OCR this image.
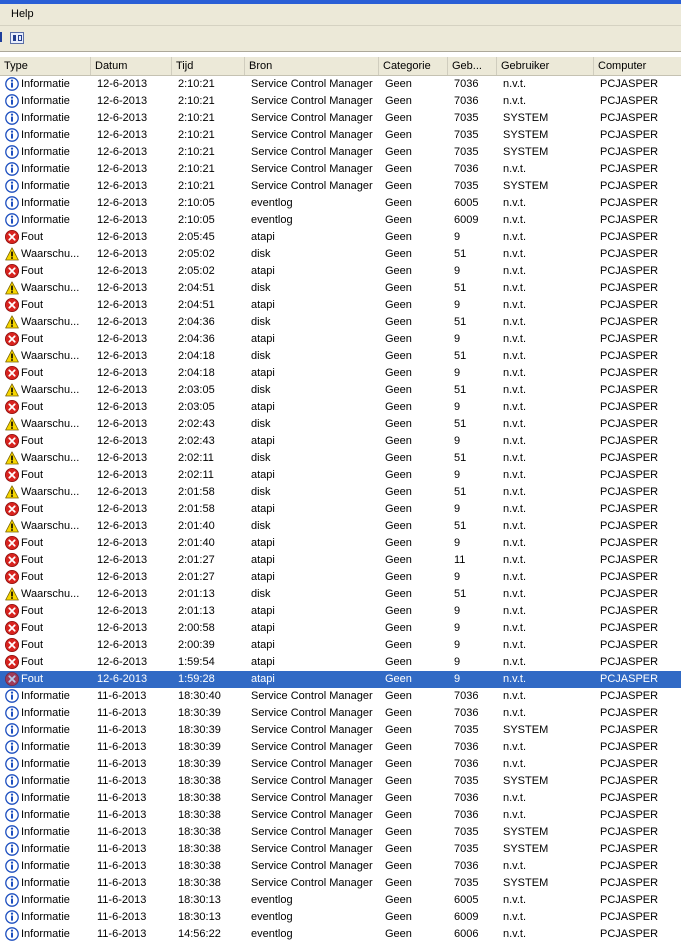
Help
Type	Datum	Tijd	Bron	Categorie	Geb...	Gebruiker	Computer
Informatie	12-6-2013	2:10:21	Service Control Manager	Geen	7036	n.v.t.	PCJASPER
Informatie	12-6-2013	2:10:21	Service Control Manager	Geen	7036	n.v.t.	PCJASPER
Informatie	12-6-2013	2:10:21	Service Control Manager	Geen	7035	SYSTEM	PCJASPER
Informatie	12-6-2013	2:10:21	Service Control Manager	Geen	7035	SYSTEM	PCJASPER
Informatie	12-6-2013	2:10:21	Service Control Manager	Geen	7035	SYSTEM	PCJASPER
Informatie	12-6-2013	2:10:21	Service Control Manager	Geen	7036	n.v.t.	PCJASPER
Informatie	12-6-2013	2:10:21	Service Control Manager	Geen	7035	SYSTEM	PCJASPER
Informatie	12-6-2013	2:10:05	eventlog	Geen	6005	n.v.t.	PCJASPER
Informatie	12-6-2013	2:10:05	eventlog	Geen	6009	n.v.t.	PCJASPER
Fout	12-6-2013	2:05:45	atapi	Geen	9	n.v.t.	PCJASPER
Waarschu...	12-6-2013	2:05:02	disk	Geen	51	n.v.t.	PCJASPER
Fout	12-6-2013	2:05:02	atapi	Geen	9	n.v.t.	PCJASPER
Waarschu...	12-6-2013	2:04:51	disk	Geen	51	n.v.t.	PCJASPER
Fout	12-6-2013	2:04:51	atapi	Geen	9	n.v.t.	PCJASPER
Waarschu...	12-6-2013	2:04:36	disk	Geen	51	n.v.t.	PCJASPER
Fout	12-6-2013	2:04:36	atapi	Geen	9	n.v.t.	PCJASPER
Waarschu...	12-6-2013	2:04:18	disk	Geen	51	n.v.t.	PCJASPER
Fout	12-6-2013	2:04:18	atapi	Geen	9	n.v.t.	PCJASPER
Waarschu...	12-6-2013	2:03:05	disk	Geen	51	n.v.t.	PCJASPER
Fout	12-6-2013	2:03:05	atapi	Geen	9	n.v.t.	PCJASPER
Waarschu...	12-6-2013	2:02:43	disk	Geen	51	n.v.t.	PCJASPER
Fout	12-6-2013	2:02:43	atapi	Geen	9	n.v.t.	PCJASPER
Waarschu...	12-6-2013	2:02:11	disk	Geen	51	n.v.t.	PCJASPER
Fout	12-6-2013	2:02:11	atapi	Geen	9	n.v.t.	PCJASPER
Waarschu...	12-6-2013	2:01:58	disk	Geen	51	n.v.t.	PCJASPER
Fout	12-6-2013	2:01:58	atapi	Geen	9	n.v.t.	PCJASPER
Waarschu...	12-6-2013	2:01:40	disk	Geen	51	n.v.t.	PCJASPER
Fout	12-6-2013	2:01:40	atapi	Geen	9	n.v.t.	PCJASPER
Fout	12-6-2013	2:01:27	atapi	Geen	11	n.v.t.	PCJASPER
Fout	12-6-2013	2:01:27	atapi	Geen	9	n.v.t.	PCJASPER
Waarschu...	12-6-2013	2:01:13	disk	Geen	51	n.v.t.	PCJASPER
Fout	12-6-2013	2:01:13	atapi	Geen	9	n.v.t.	PCJASPER
Fout	12-6-2013	2:00:58	atapi	Geen	9	n.v.t.	PCJASPER
Fout	12-6-2013	2:00:39	atapi	Geen	9	n.v.t.	PCJASPER
Fout	12-6-2013	1:59:54	atapi	Geen	9	n.v.t.	PCJASPER
Fout	12-6-2013	1:59:28	atapi	Geen	9	n.v.t.	PCJASPER
Informatie	11-6-2013	18:30:40	Service Control Manager	Geen	7036	n.v.t.	PCJASPER
Informatie	11-6-2013	18:30:39	Service Control Manager	Geen	7036	n.v.t.	PCJASPER
Informatie	11-6-2013	18:30:39	Service Control Manager	Geen	7035	SYSTEM	PCJASPER
Informatie	11-6-2013	18:30:39	Service Control Manager	Geen	7036	n.v.t.	PCJASPER
Informatie	11-6-2013	18:30:39	Service Control Manager	Geen	7036	n.v.t.	PCJASPER
Informatie	11-6-2013	18:30:38	Service Control Manager	Geen	7035	SYSTEM	PCJASPER
Informatie	11-6-2013	18:30:38	Service Control Manager	Geen	7036	n.v.t.	PCJASPER
Informatie	11-6-2013	18:30:38	Service Control Manager	Geen	7036	n.v.t.	PCJASPER
Informatie	11-6-2013	18:30:38	Service Control Manager	Geen	7035	SYSTEM	PCJASPER
Informatie	11-6-2013	18:30:38	Service Control Manager	Geen	7035	SYSTEM	PCJASPER
Informatie	11-6-2013	18:30:38	Service Control Manager	Geen	7036	n.v.t.	PCJASPER
Informatie	11-6-2013	18:30:38	Service Control Manager	Geen	7035	SYSTEM	PCJASPER
Informatie	11-6-2013	18:30:13	eventlog	Geen	6005	n.v.t.	PCJASPER
Informatie	11-6-2013	18:30:13	eventlog	Geen	6009	n.v.t.	PCJASPER
Informatie	11-6-2013	14:56:22	eventlog	Geen	6006	n.v.t.	PCJASPER
